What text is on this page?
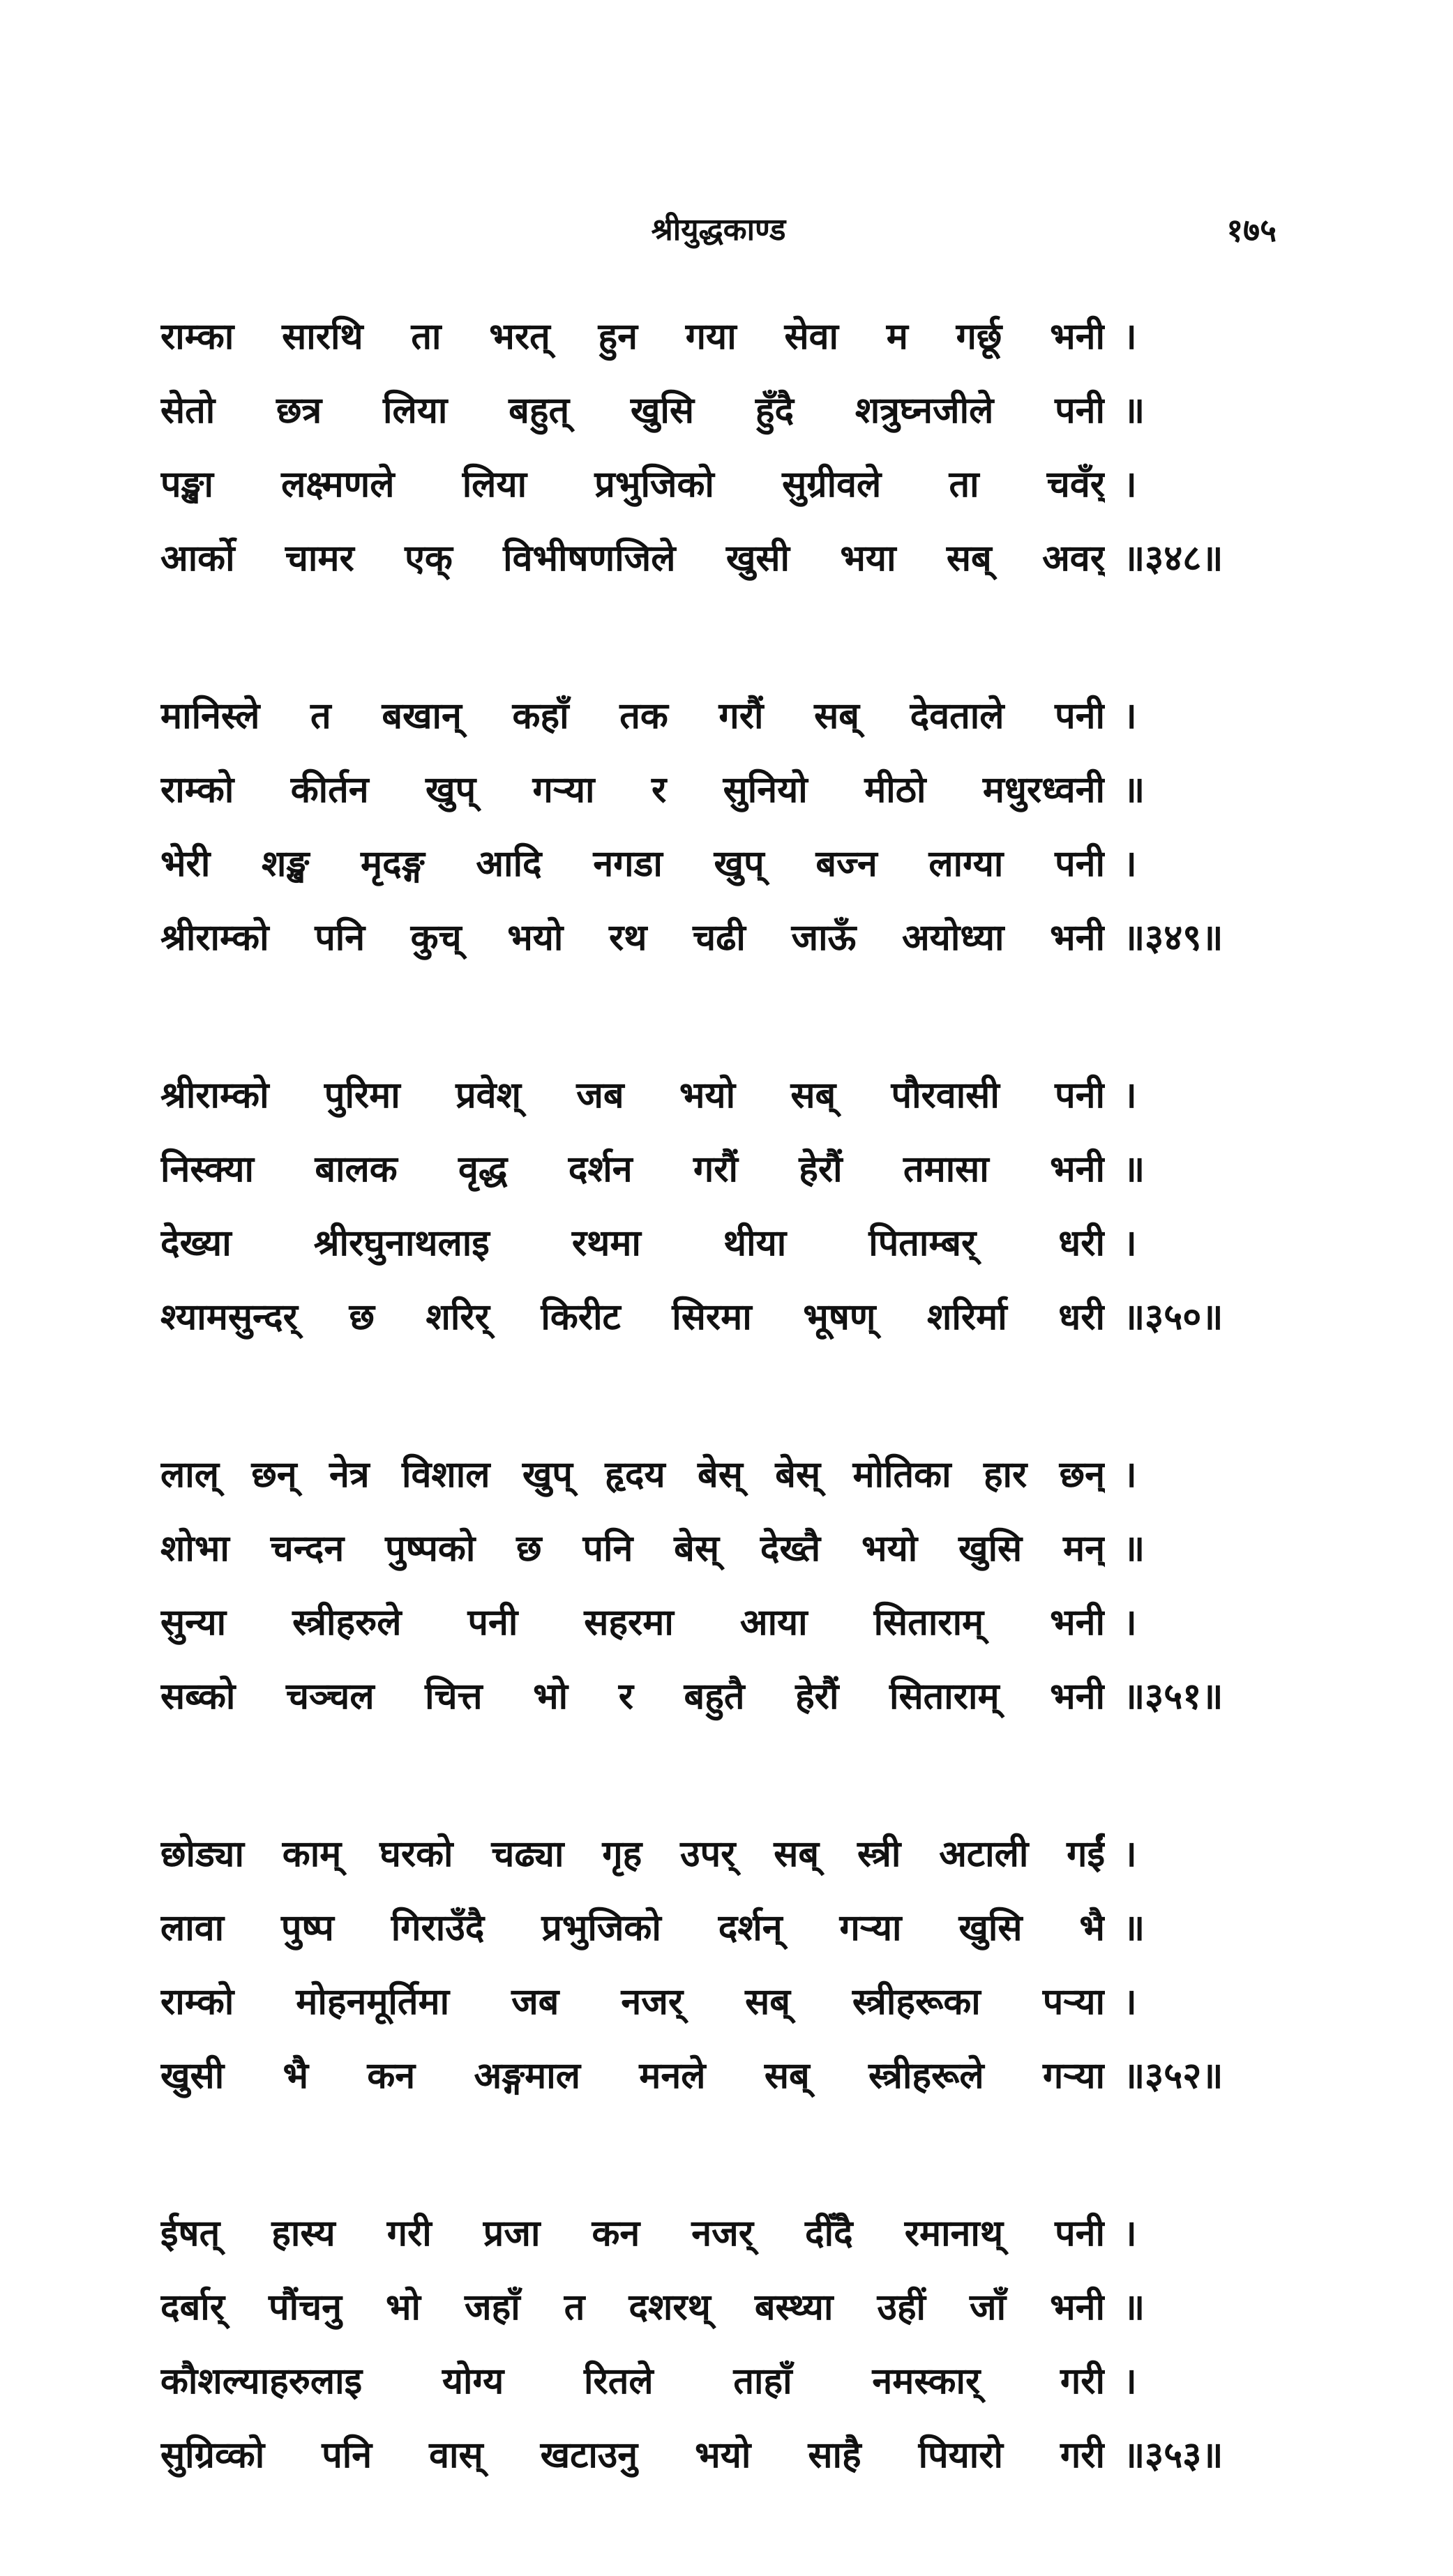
श्रीयुद्धकाण्ड	१७५
राम्का सारथि ता भरत् हुन गया सेवा म गर्छू भनी ।
सेतो छत्र लिया बहुत् खुसि हुँदै शत्रुघ्नजीले पनी ॥
पङ्खा लक्ष्मणले लिया प्रभुजिको सुग्रीवले ता चवँर् ।
आर्को चामर एक् विभीषणजिले खुसी भया सब् अवर् ॥३४८॥
मानिस्ले त बखान् कहाँ तक गरौं सब् देवताले पनी ।
राम्को कीर्तन खुप् गऱ्या र सुनियो मीठो मधुरध्वनी ॥
भेरी शङ्ख मृदङ्ग आदि नगडा खुप् बज्न लाग्या पनी ।
श्रीराम्को पनि कुच् भयो रथ चढी जाऊँ अयोध्या भनी ॥३४९॥
श्रीराम्को पुरिमा प्रवेश् जब भयो सब् पौरवासी पनी ।
निस्क्या बालक वृद्ध दर्शन गरौं हेरौं तमासा भनी ॥
देख्या श्रीरघुनाथलाइ रथमा थीया पिताम्बर् धरी ।
श्यामसुन्दर् छ शरिर् किरीट सिरमा भूषण् शरिर्मा धरी ॥३५०॥
लाल् छन् नेत्र विशाल खुप् हृदय बेस् बेस् मोतिका हार छन् ।
शोभा चन्दन पुष्पको छ पनि बेस् देख्तै भयो खुसि मन् ॥
सुन्या स्त्रीहरुले पनी सहरमा आया सिताराम् भनी ।
सब्को चञ्चल चित्त भो र बहुतै हेरौं सिताराम् भनी ॥३५१॥
छोड्या काम् घरको चढ्या गृह उपर् सब् स्त्री अटाली गईं ।
लावा पुष्प गिराउँदै प्रभुजिको दर्शन् गऱ्या खुसि भै ॥
राम्को मोहनमूर्तिमा जब नजर् सब् स्त्रीहरूका पऱ्या ।
खुसी भै कन अङ्गमाल मनले सब् स्त्रीहरूले गऱ्या ॥३५२॥
ईषत् हास्य गरी प्रजा कन नजर् दीँदै रमानाथ् पनी ।
दर्बार् पौंचनु भो जहाँ त दशरथ् बस्थ्या उहीं जाँ भनी ॥
कौशल्याहरुलाइ योग्य रितले ताहाँ नमस्कार् गरी ।
सुग्रिव्को पनि वास् खटाउनु भयो साहै पियारो गरी ॥३५३॥
